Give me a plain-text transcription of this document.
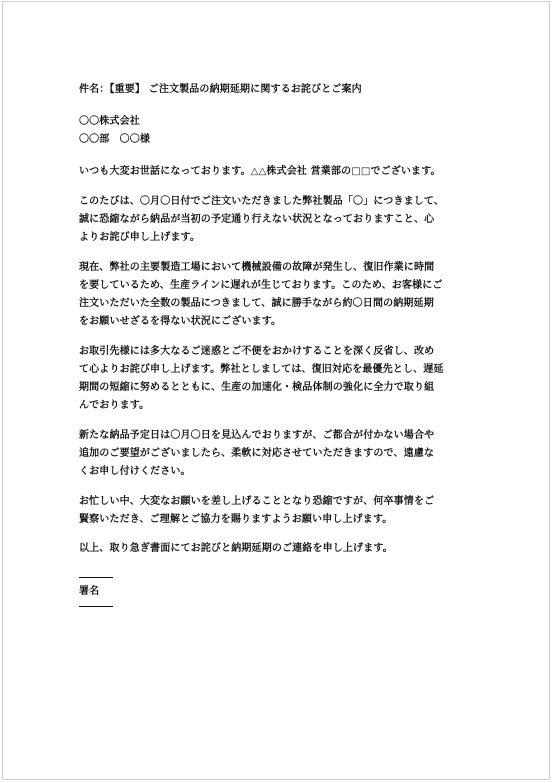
件名：【重要】 ご注文製品の納期延期に関するお詫びとご案内
〇〇株式会社
〇〇部　〇〇様
いつも大変お世話になっております。△△株式会社 営業部の□□でございます。
このたびは、〇月〇日付でご注文いただきました弊社製品「〇」につきまして、
誠に恐縮ながら納品が当初の予定通り行えない状況となっておりますこと、心
よりお詫び申し上げます。
現在、弊社の主要製造工場において機械設備の故障が発生し、復旧作業に時間
を要しているため、生産ラインに遅れが生じております。このため、お客様にご
注文いただいた全数の製品につきまして、誠に勝手ながら約〇日間の納期延期
をお願いせざるを得ない状況にございます。
お取引先様には多大なるご迷惑とご不便をおかけすることを深く反省し、改め
て心よりお詫び申し上げます。弊社としましては、復旧対応を最優先とし、遅延
期間の短縮に努めるとともに、生産の加速化・検品体制の強化に全力で取り組
んでおります。
新たな納品予定日は〇月〇日を見込んでおりますが、ご都合が付かない場合や
追加のご要望がございましたら、柔軟に対応させていただきますので、遠慮な
くお申し付けください。
お忙しい中、大変なお願いを差し上げることとなり恐縮ですが、何卒事情をご
賢察いただき、ご理解とご協力を賜りますようお願い申し上げます。
以上、取り急ぎ書面にてお詫びと納期延期のご連絡を申し上げます。
署名
